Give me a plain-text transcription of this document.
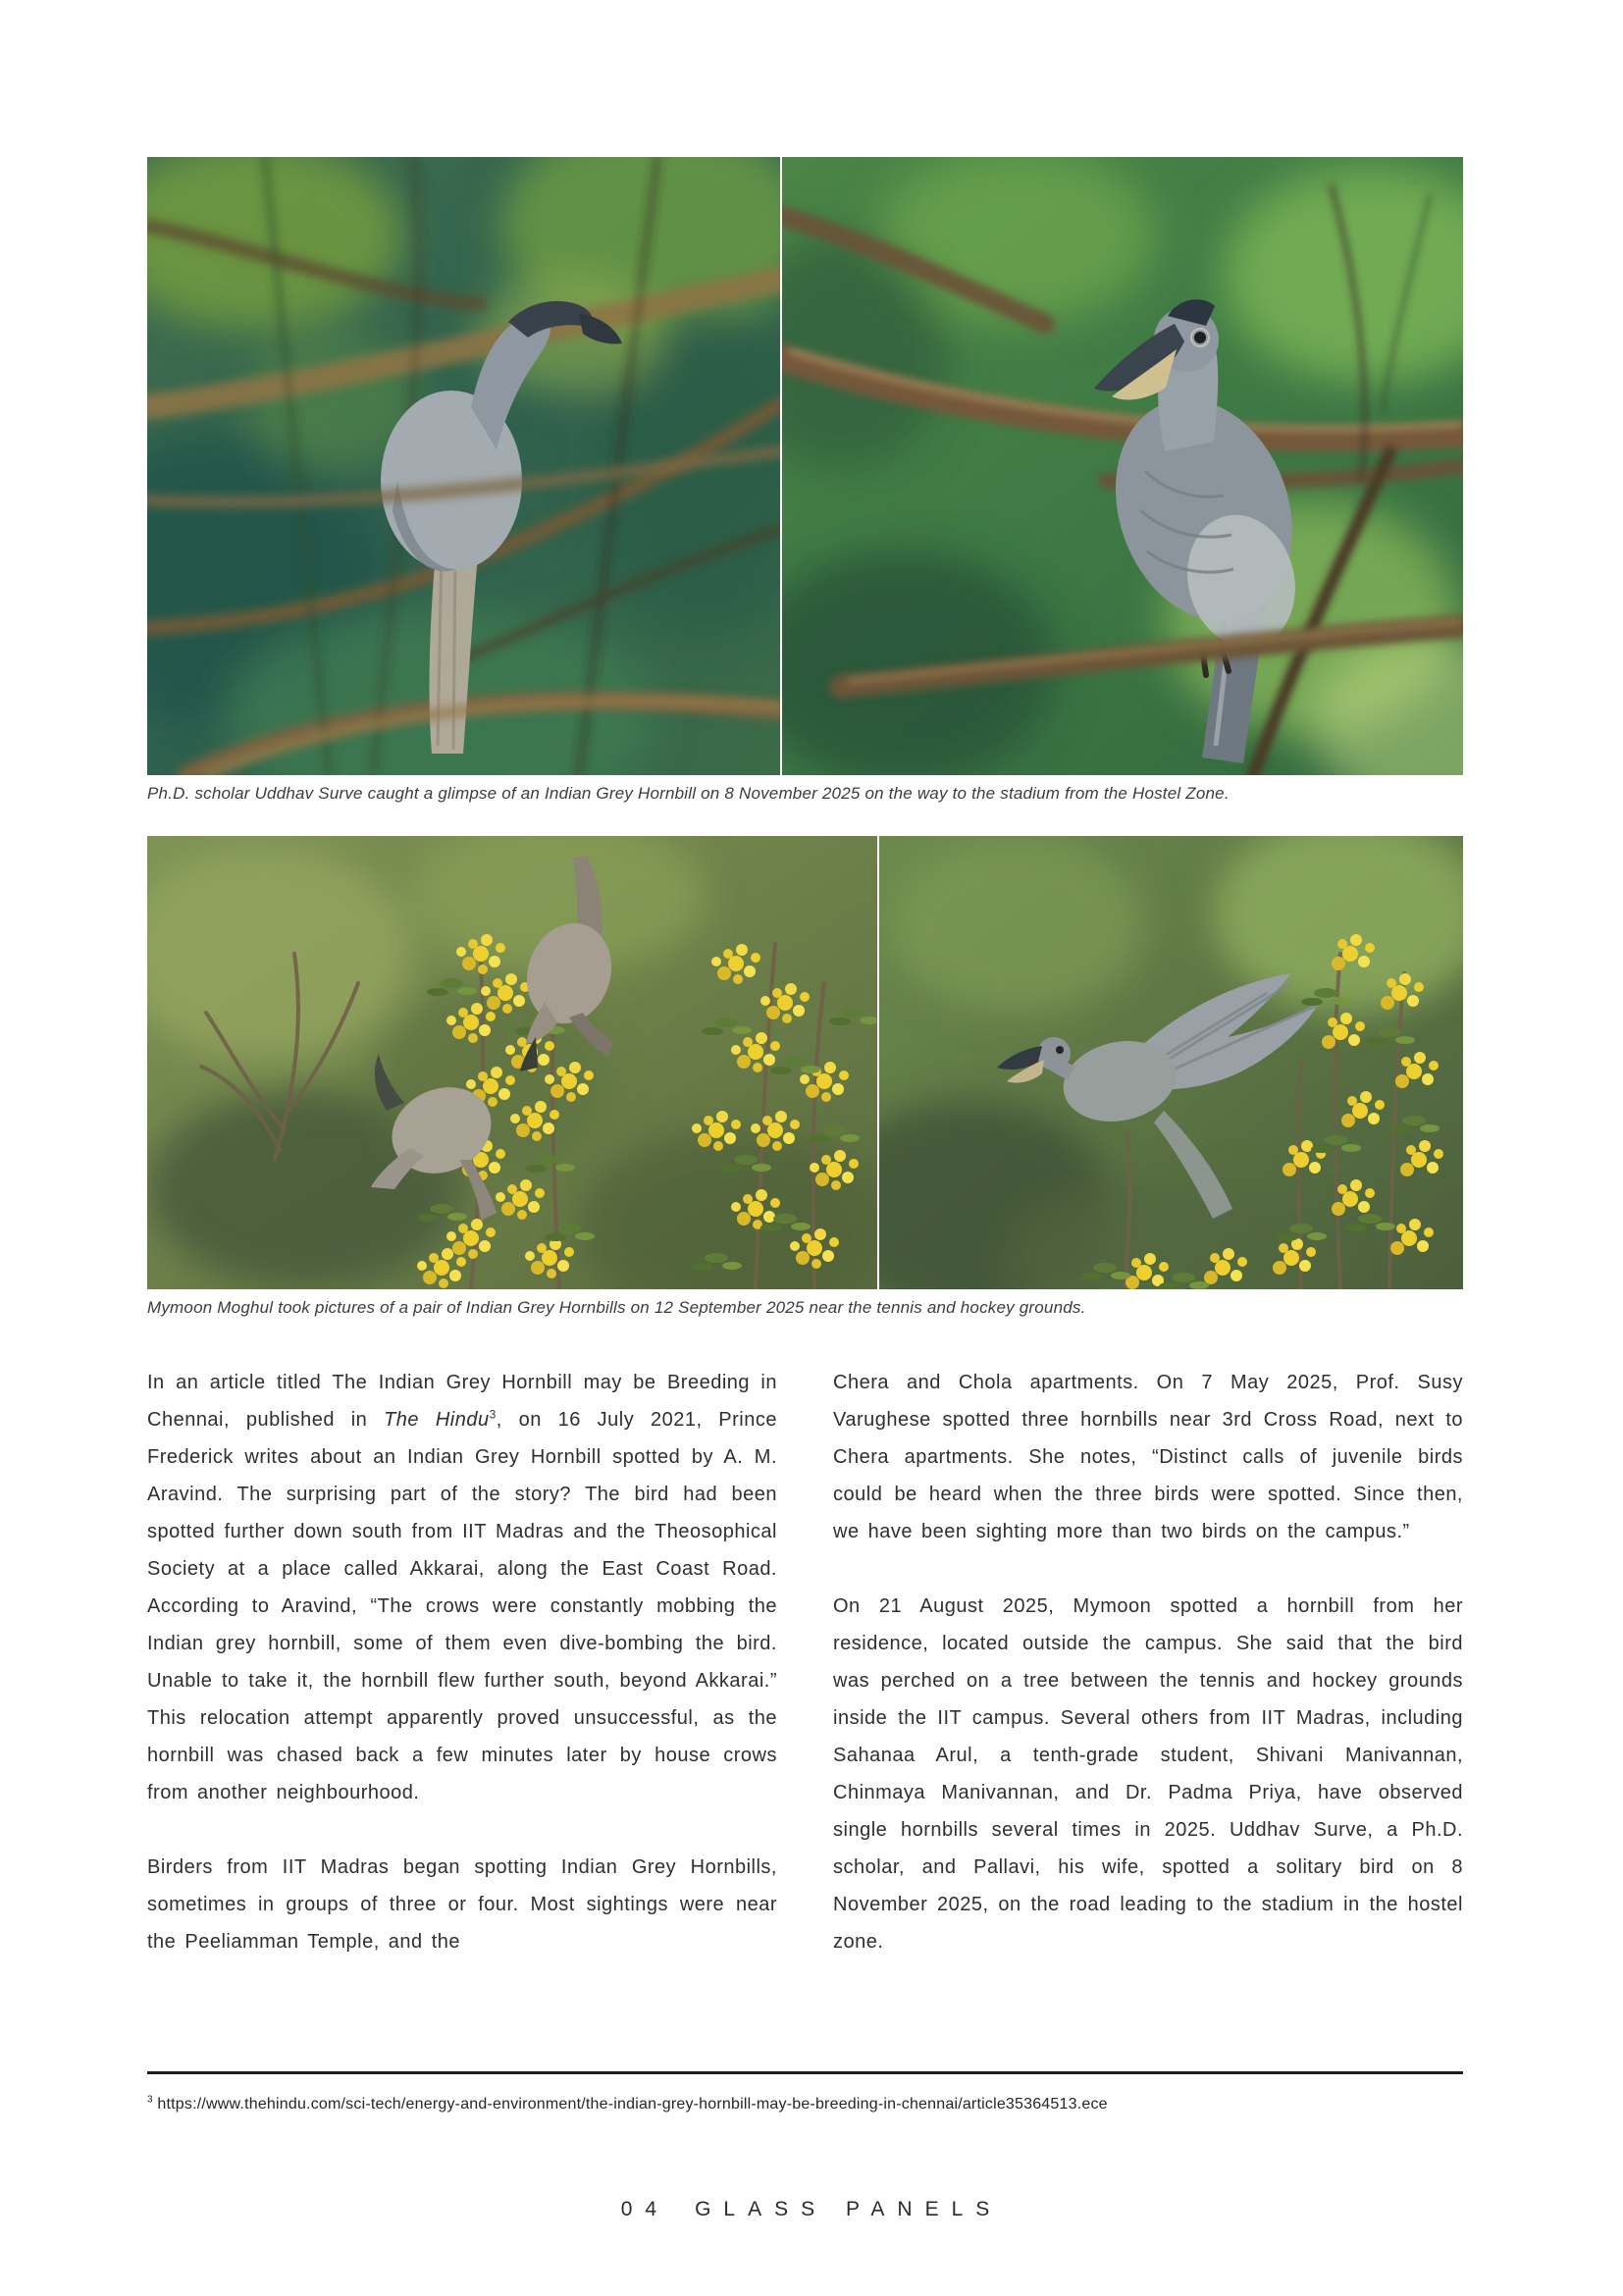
Ph.D. scholar Uddhav Surve caught a glimpse of an Indian Grey Hornbill on 8 November 2025 on the way to the stadium from the Hostel Zone.
Mymoon Moghul took pictures of a pair of Indian Grey Hornbills on 12 September 2025 near the tennis and hockey grounds.

In an article titled The Indian Grey Hornbill may be Breeding in Chennai, published in The Hindu$^3$, on 16 July 2021, Prince Frederick writes about an Indian Grey Hornbill spotted by A. M. Aravind. The surprising part of the story? The bird had been spotted further down south from IIT Madras and the Theosophical Society at a place called Akkarai, along the East Coast Road. According to Aravind, “The crows were constantly mobbing the Indian grey hornbill, some of them even dive-bombing the bird. Unable to take it, the hornbill flew further south, beyond Akkarai.” This relocation attempt apparently proved unsuccessful, as the hornbill was chased back a few minutes later by house crows from another neighbourhood.

Birders from IIT Madras began spotting Indian Grey Hornbills, sometimes in groups of three or four. Most sightings were near the Peeliamman Temple, and the

Chera and Chola apartments. On 7 May 2025, Prof. Susy Varughese spotted three hornbills near 3rd Cross Road, next to Chera apartments. She notes, “Distinct calls of juvenile birds could be heard when the three birds were spotted. Since then, we have been sighting more than two birds on the campus.”

On 21 August 2025, Mymoon spotted a hornbill from her residence, located outside the campus. She said that the bird was perched on a tree between the tennis and hockey grounds inside the IIT campus. Several others from IIT Madras, including Sahanaa Arul, a tenth-grade student, Shivani Manivannan, Chinmaya Manivannan, and Dr. Padma Priya, have observed single hornbills several times in 2025. Uddhav Surve, a Ph.D. scholar, and Pallavi, his wife, spotted a solitary bird on 8 November 2025, on the road leading to the stadium in the hostel zone.

$^3$ https://www.thehindu.com/sci-tech/energy-and-environment/the-indian-grey-hornbill-may-be-breeding-in-chennai/article35364513.ece

04 GLASS PANELS
